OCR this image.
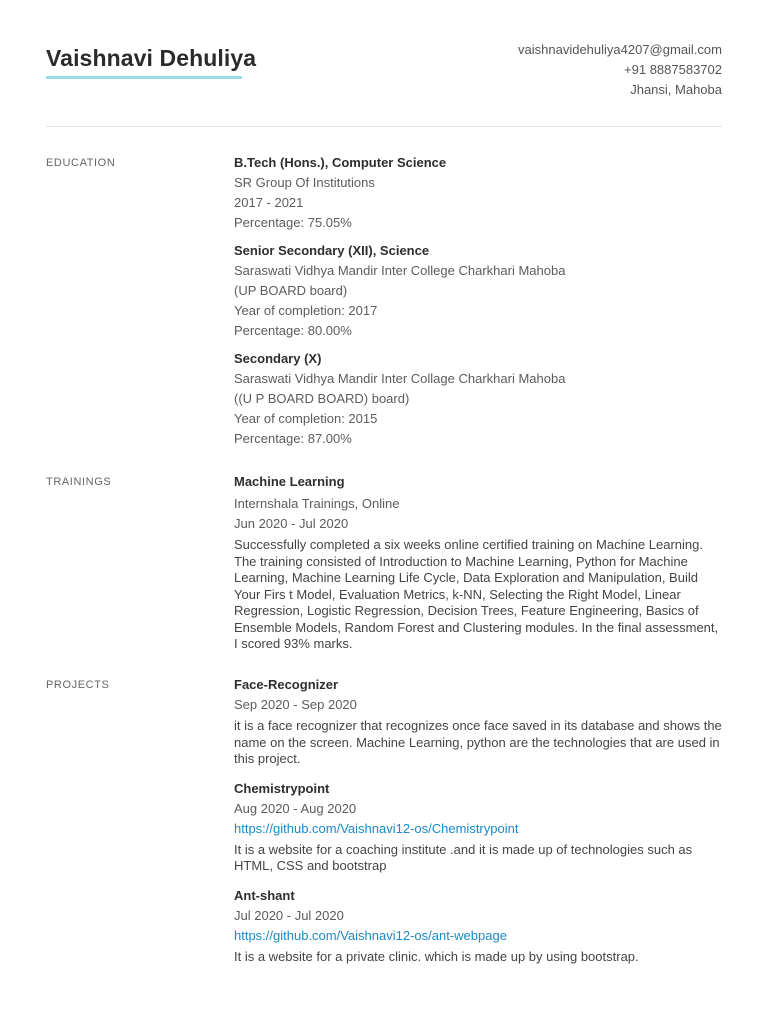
Vaishnavi Dehuliya	vaishnavidehuliya4207@gmail.com
+91 8887583702
Jhansi, Mahoba
EDUCATION	B.Tech (Hons.), Computer Science
SR Group Of Institutions
2017 - 2021
Percentage: 75.05%
Senior Secondary (XII), Science
Saraswati Vidhya Mandir Inter College Charkhari Mahoba
(UP BOARD board)
Year of completion: 2017
Percentage: 80.00%
Secondary (X)
Saraswati Vidhya Mandir Inter Collage Charkhari Mahoba
((U P BOARD BOARD) board)
Year of completion: 2015
Percentage: 87.00%
TRAININGS	Machine Learning
Internshala Trainings, Online
Jun 2020 - Jul 2020
Successfully completed a six weeks online certified training on Machine Learning. The training consisted of Introduction to Machine Learning, Python for Machine Learning, Machine Learning Life Cycle, Data Exploration and Manipulation, Build Your Firs t Model, Evaluation Metrics, k-NN, Selecting the Right Model, Linear Regression, Logistic Regression, Decision Trees, Feature Engineering, Basics of Ensemble Models, Random Forest and Clustering modules. In the final assessment, I scored 93% marks.
PROJECTS	Face-Recognizer
Sep 2020 - Sep 2020
it is a face recognizer that recognizes once face saved in its database and shows the name on the screen. Machine Learning, python are the technologies that are used in this project.
Chemistrypoint
Aug 2020 - Aug 2020
https://github.com/Vaishnavi12-os/Chemistrypoint
It is a website for a coaching institute .and it is made up of technologies such as HTML, CSS and bootstrap
Ant-shant
Jul 2020 - Jul 2020
https://github.com/Vaishnavi12-os/ant-webpage
It is a website for a private clinic. which is made up by using bootstrap.
